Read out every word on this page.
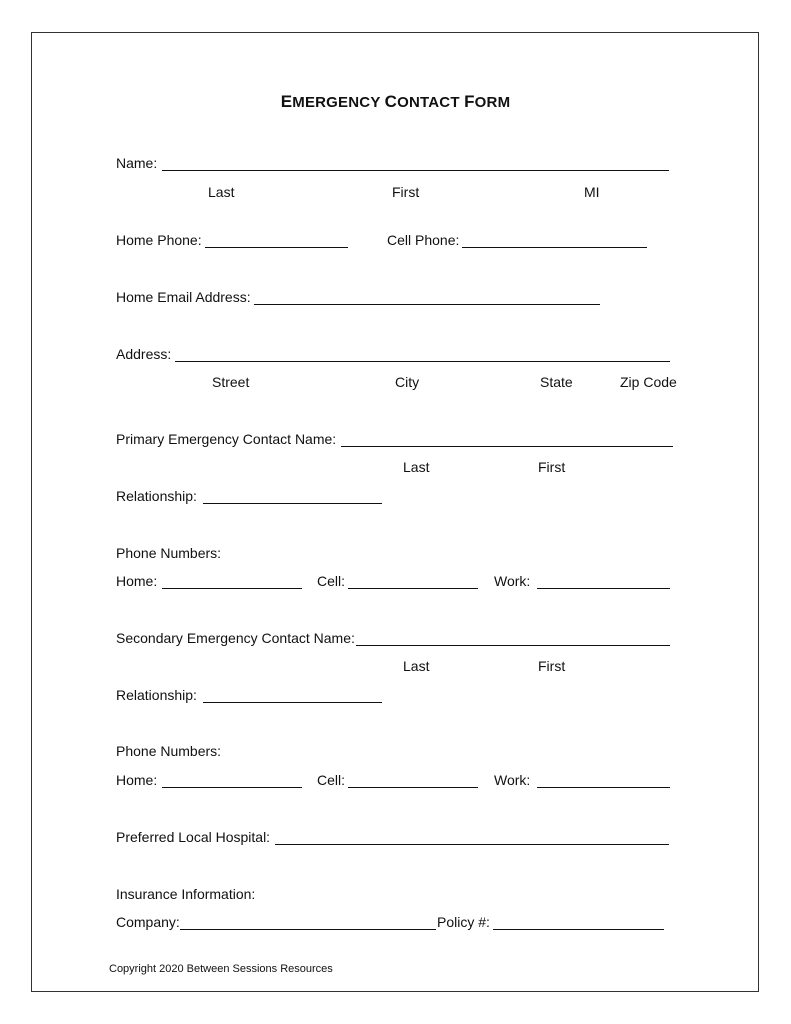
EMERGENCY CONTACT FORM
Name:
Last	First	MI
Home Phone:	Cell Phone:
Home Email Address:
Address:
Street	City	State	Zip Code
Primary Emergency Contact Name:
Last	First
Relationship:
Phone Numbers:
Home:	Cell:	Work:
Secondary Emergency Contact Name:
Last	First
Relationship:
Phone Numbers:
Home:	Cell:	Work:
Preferred Local Hospital:
Insurance Information:
Company:	Policy #:
Copyright 2020 Between Sessions Resources
